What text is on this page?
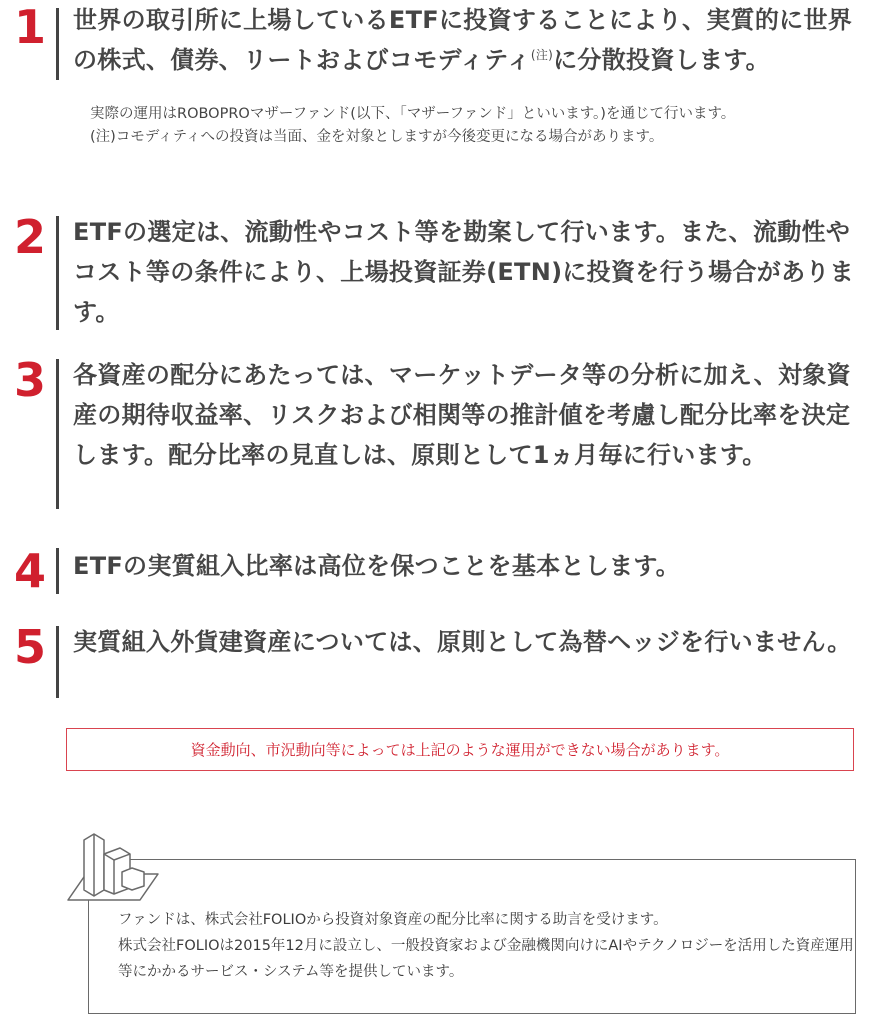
1	世界の取引所に上場しているETFに投資することにより、実質的に世界の株式、債券、リートおよびコモディティ$^{(注)}$に分散投資します。

実際の運用はROBOPROマザーファンド(以下、「マザーファンド」といいます。)を通じて行います。

(注)コモディティへの投資は当面、金を対象としますが今後変更になる場合があります。

2	ETFの選定は、流動性やコスト等を勘案して行います。また、流動性やコスト等の条件により、上場投資証券(ETN)に投資を行う場合があります。
3	各資産の配分にあたっては、マーケットデータ等の分析に加え、対象資産の期待収益率、リスクおよび相関等の推計値を考慮し配分比率を決定します。配分比率の見直しは、原則として1ヵ月毎に行います。
4	ETFの実質組入比率は高位を保つことを基本とします。
5	実質組入外貨建資産については、原則として為替ヘッジを行いません。
資金動向、市況動向等によっては上記のような運用ができない場合があります。

ファンドは、株式会社FOLIOから投資対象資産の配分比率に関する助言を受けます。

株式会社FOLIOは2015年12月に設立し、一般投資家および金融機関向けにAIやテクノロジーを活用した資産運用等にかかるサービス・システム等を提供しています。
